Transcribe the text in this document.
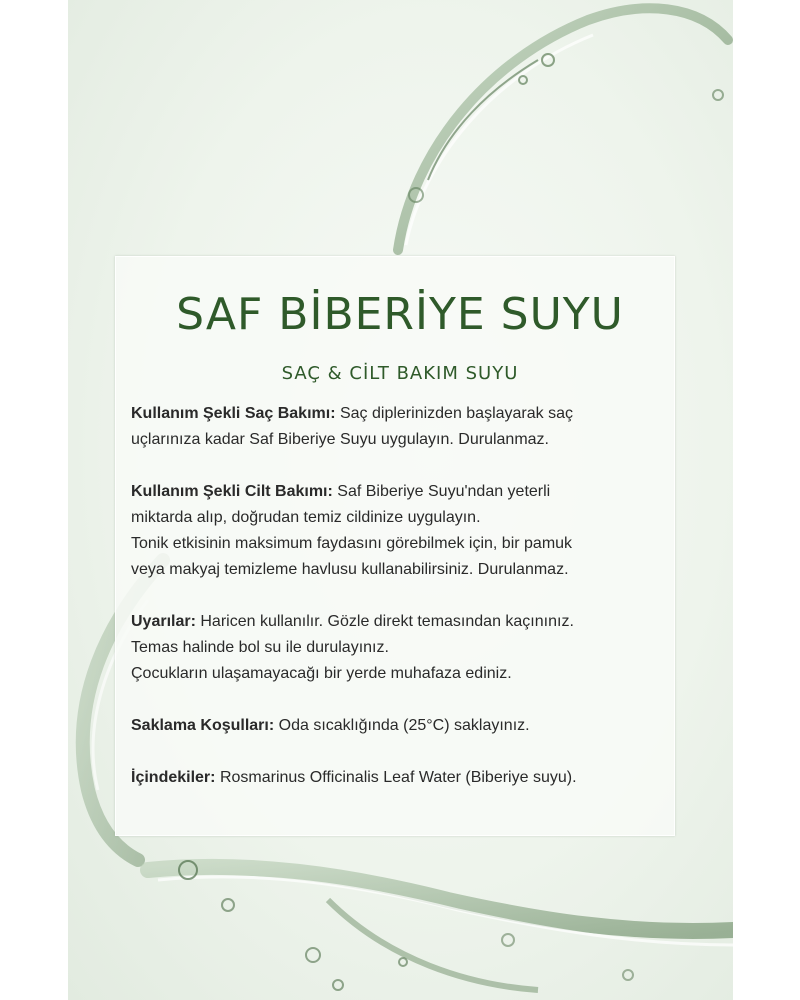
SAF BİBERİYE SUYU
SAÇ & CİLT BAKIM SUYU

Kullanım Şekli Saç Bakımı: Saç diplerinizden başlayarak saç
uçlarınıza kadar Saf Biberiye Suyu uygulayın. Durulanmaz.

Kullanım Şekli Cilt Bakımı: Saf Biberiye Suyu'ndan yeterli
miktarda alıp, doğrudan temiz cildinize uygulayın.
Tonik etkisinin maksimum faydasını görebilmek için, bir pamuk
veya makyaj temizleme havlusu kullanabilirsiniz. Durulanmaz.

Uyarılar: Haricen kullanılır. Gözle direkt temasından kaçınınız.
Temas halinde bol su ile durulayınız.
Çocukların ulaşamayacağı bir yerde muhafaza ediniz.

Saklama Koşulları: Oda sıcaklığında (25°C) saklayınız.

İçindekiler: Rosmarinus Officinalis Leaf Water (Biberiye suyu).
